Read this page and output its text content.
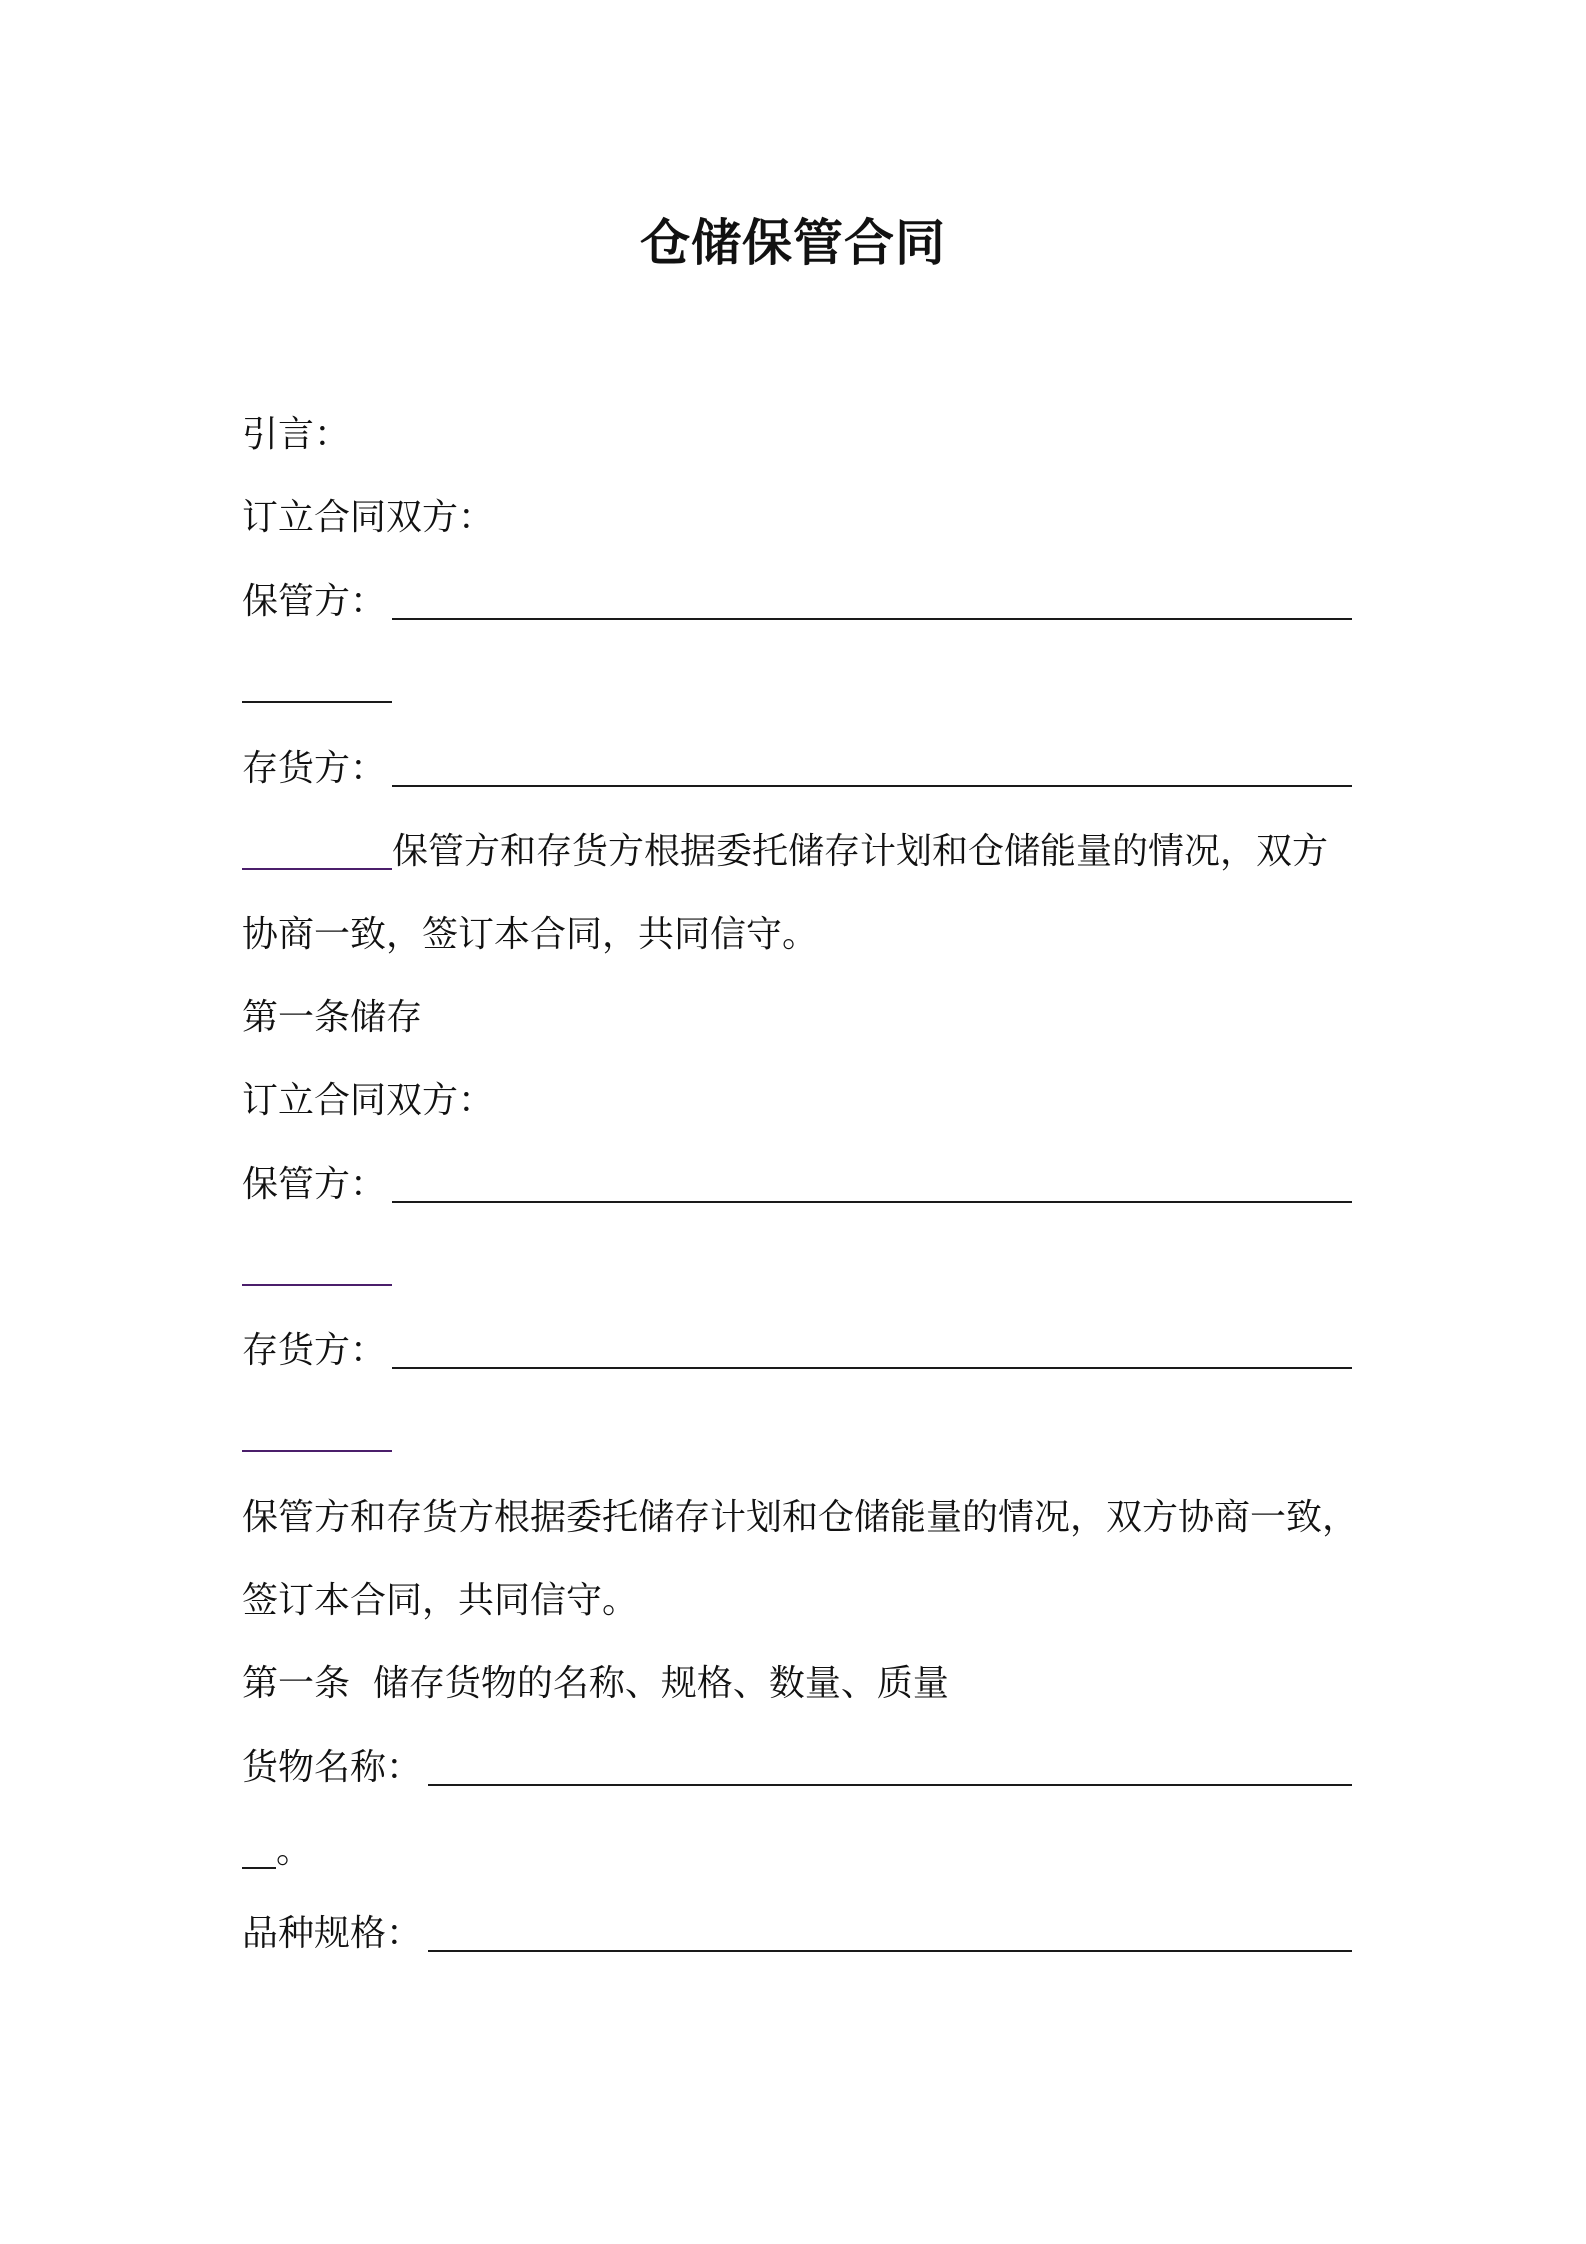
仓储保管合同
引言：
订立合同双方：
保管方：
存货方：
保管方和存货方根据委托储存计划和仓储能量的情况，双方
协商一致，签订本合同，共同信守。
第一条储存
订立合同双方：
保管方：
存货方：
保管方和存货方根据委托储存计划和仓储能量的情况，双方协商一致，
签订本合同，共同信守。
第一条  储存货物的名称、规格、数量、质量
货物名称：
。
品种规格：
